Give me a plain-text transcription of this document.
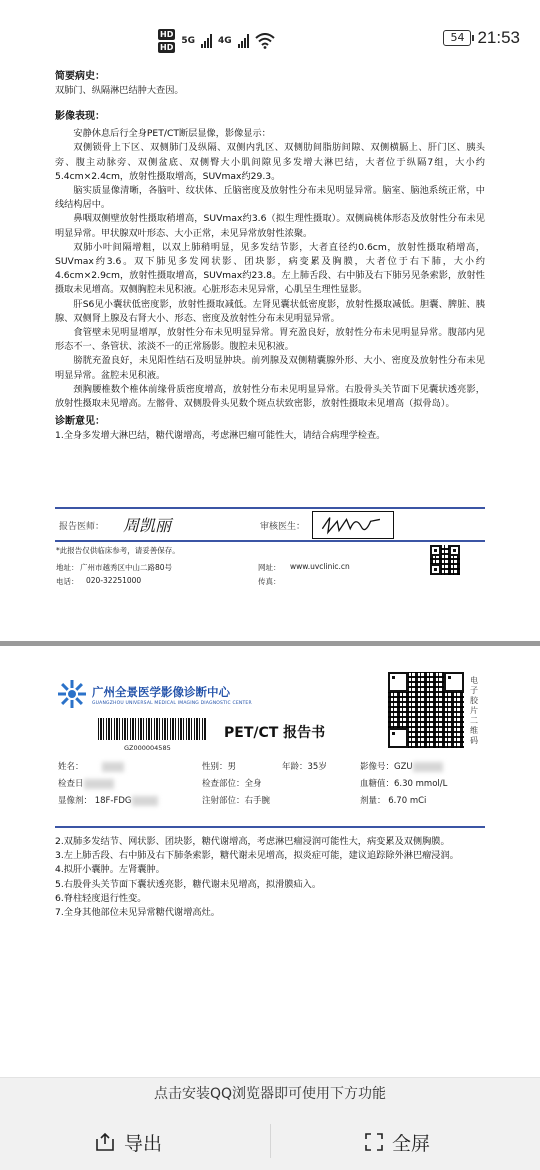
HD
HD
5G	4G	54 21:53
简要病史：
双肺门、纵隔淋巴结肿大查因。
影像表现：
安静休息后行全身PET/CT断层显像，影像显示：
双侧锁骨上下区、双侧肺门及纵隔、双侧内乳区、双侧肋间脂肪间隙、双侧横膈上、肝门区、胰头旁、腹主动脉旁、双侧盆底、双侧臀大小肌间隙见多发增大淋巴结，大者位于纵隔7组，大小约5.4cm×2.4cm，放射性摄取增高，SUVmax约29.3。
脑实质显像清晰，各脑叶、纹状体、丘脑密度及放射性分布未见明显异常。脑室、脑池系统正常，中线结构居中。
鼻咽双侧壁放射性摄取稍增高，SUVmax约3.6（拟生理性摄取）。双侧扁桃体形态及放射性分布未见明显异常。甲状腺双叶形态、大小正常，未见异常放射性浓聚。
双肺小叶间隔增粗，以双上肺稍明显，见多发结节影，大者直径约0.6cm，放射性摄取稍增高，SUVmax约3.6。双下肺见多发网状影、团块影，病变累及胸膜，大者位于右下肺，大小约4.6cm×2.9cm，放射性摄取增高，SUVmax约23.8。左上肺舌段、右中肺及右下肺另见条索影，放射性摄取未见增高。双侧胸腔未见积液。心脏形态未见异常，心肌呈生理性显影。
肝S6见小囊状低密度影，放射性摄取减低。左肾见囊状低密度影，放射性摄取减低。胆囊、脾脏、胰腺、双侧肾上腺及右肾大小、形态、密度及放射性分布未见明显异常。
食管壁未见明显增厚，放射性分布未见明显异常。胃充盈良好，放射性分布未见明显异常。腹部内见形态不一、条管状、浓淡不一的正常肠影。腹腔未见积液。
膀胱充盈良好，未见阳性结石及明显肿块。前列腺及双侧精囊腺外形、大小、密度及放射性分布未见明显异常。盆腔未见积液。
颈胸腰椎数个椎体前缘骨质密度增高，放射性分布未见明显异常。右股骨头关节面下见囊状透亮影，放射性摄取未见增高。左髂骨、双侧股骨头见数个斑点状致密影，放射性摄取未见增高（拟骨岛）。
诊断意见：
1.全身多发增大淋巴结，糖代谢增高，考虑淋巴瘤可能性大，请结合病理学检查。
报告医师： 周凯丽	审核医生：
*此报告仅供临床参考，请妥善保存。
地址： 广州市越秀区中山二路80号	网址： www.uvclinic.cn
电话： 020-32251000	传真：
广州全景医学影像诊断中心
GUANGZHOU UNIVERSAL MEDICAL IMAGING DIAGNOSTIC CENTER
GZ000004585
PET/CT 报告书
电子胶片二维码
姓名：	性别：男	年龄：35岁	影像号：GZU
检查日	检查部位：全身	血糖值：6.30 mmol/L
显像剂： 18F-FDG	注射部位：右手腕	剂量： 6.70 mCi
2.双肺多发结节、网状影、团块影，糖代谢增高，考虑淋巴瘤浸润可能性大，病变累及双侧胸膜。
3.左上肺舌段、右中肺及右下肺条索影，糖代谢未见增高，拟炎症可能，建议追踪除外淋巴瘤浸润。
4.拟肝小囊肿。左肾囊肿。
5.右股骨头关节面下囊状透亮影，糖代谢未见增高，拟滑膜疝入。
6.脊柱轻度退行性变。
7.全身其他部位未见异常糖代谢增高灶。
点击安装QQ浏览器即可使用下方功能
导出	全屏
